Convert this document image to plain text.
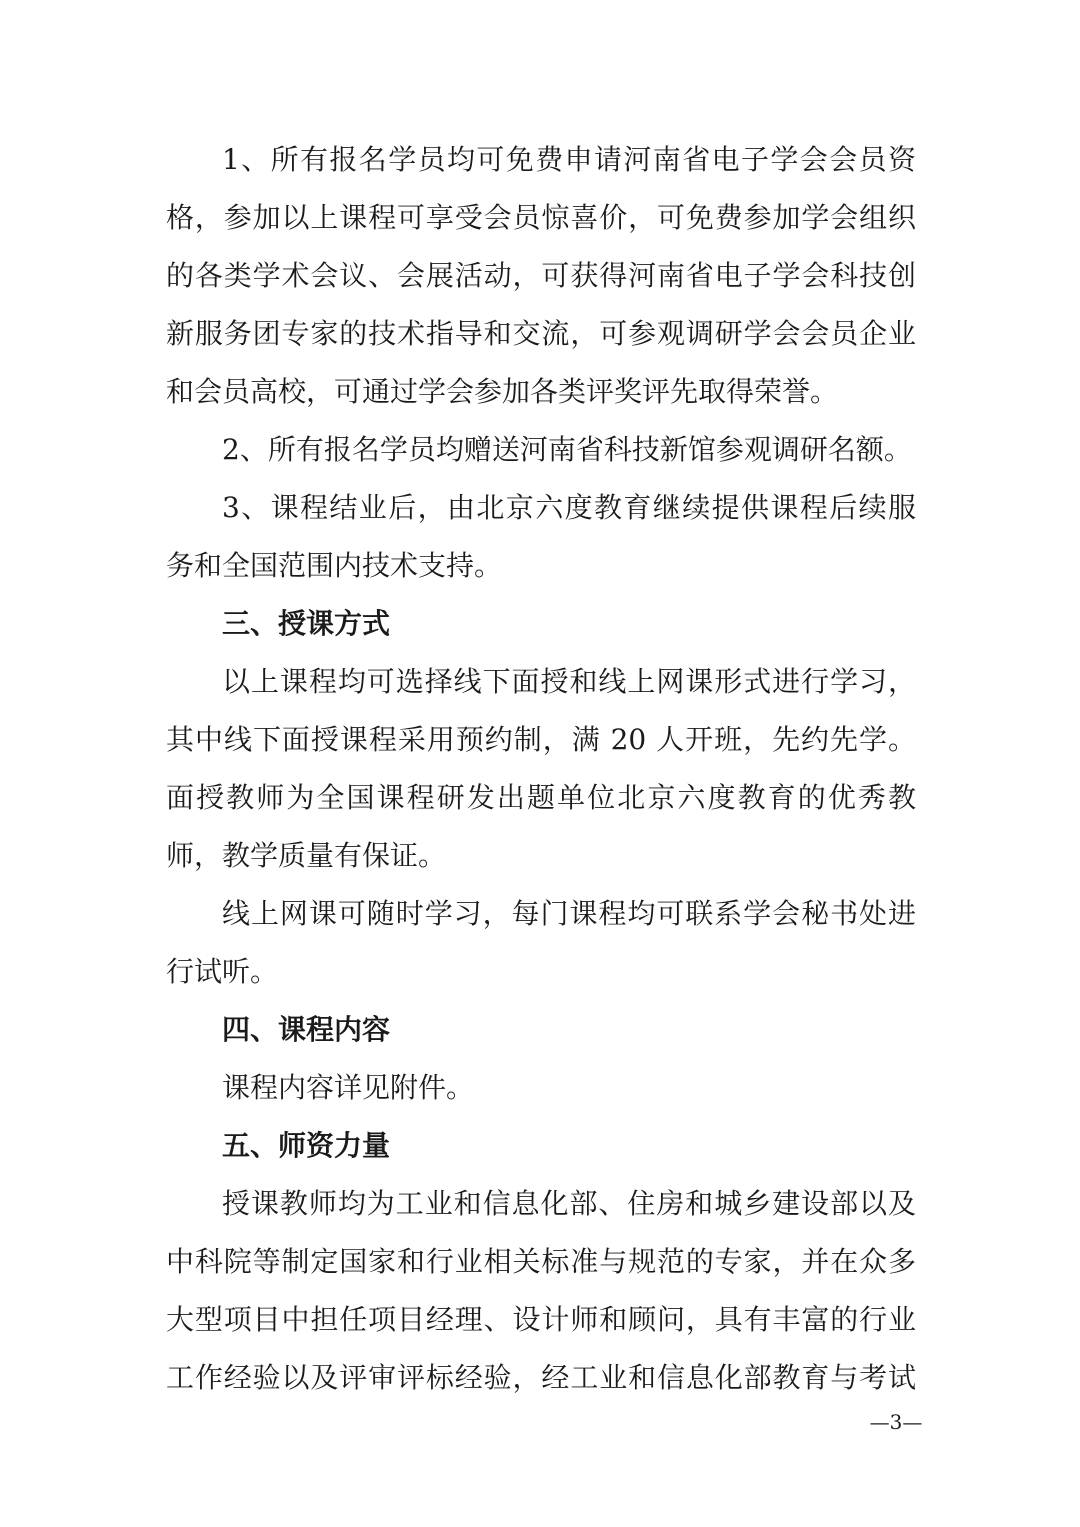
1、所有报名学员均可免费申请河南省电子学会会员资
格，参加以上课程可享受会员惊喜价，可免费参加学会组织
的各类学术会议、会展活动，可获得河南省电子学会科技创
新服务团专家的技术指导和交流，可参观调研学会会员企业
和会员高校，可通过学会参加各类评奖评先取得荣誉。
2、所有报名学员均赠送河南省科技新馆参观调研名额。
3、课程结业后，由北京六度教育继续提供课程后续服
务和全国范围内技术支持。
三、授课方式
以上课程均可选择线下面授和线上网课形式进行学习，
其中线下面授课程采用预约制，满 20 人开班，先约先学。
面授教师为全国课程研发出题单位北京六度教育的优秀教
师，教学质量有保证。
线上网课可随时学习，每门课程均可联系学会秘书处进
行试听。
四、课程内容
课程内容详见附件。
五、师资力量
授课教师均为工业和信息化部、住房和城乡建设部以及
中科院等制定国家和行业相关标准与规范的专家，并在众多
大型项目中担任项目经理、设计师和顾问，具有丰富的行业
工作经验以及评审评标经验，经工业和信息化部教育与考试
—3—
